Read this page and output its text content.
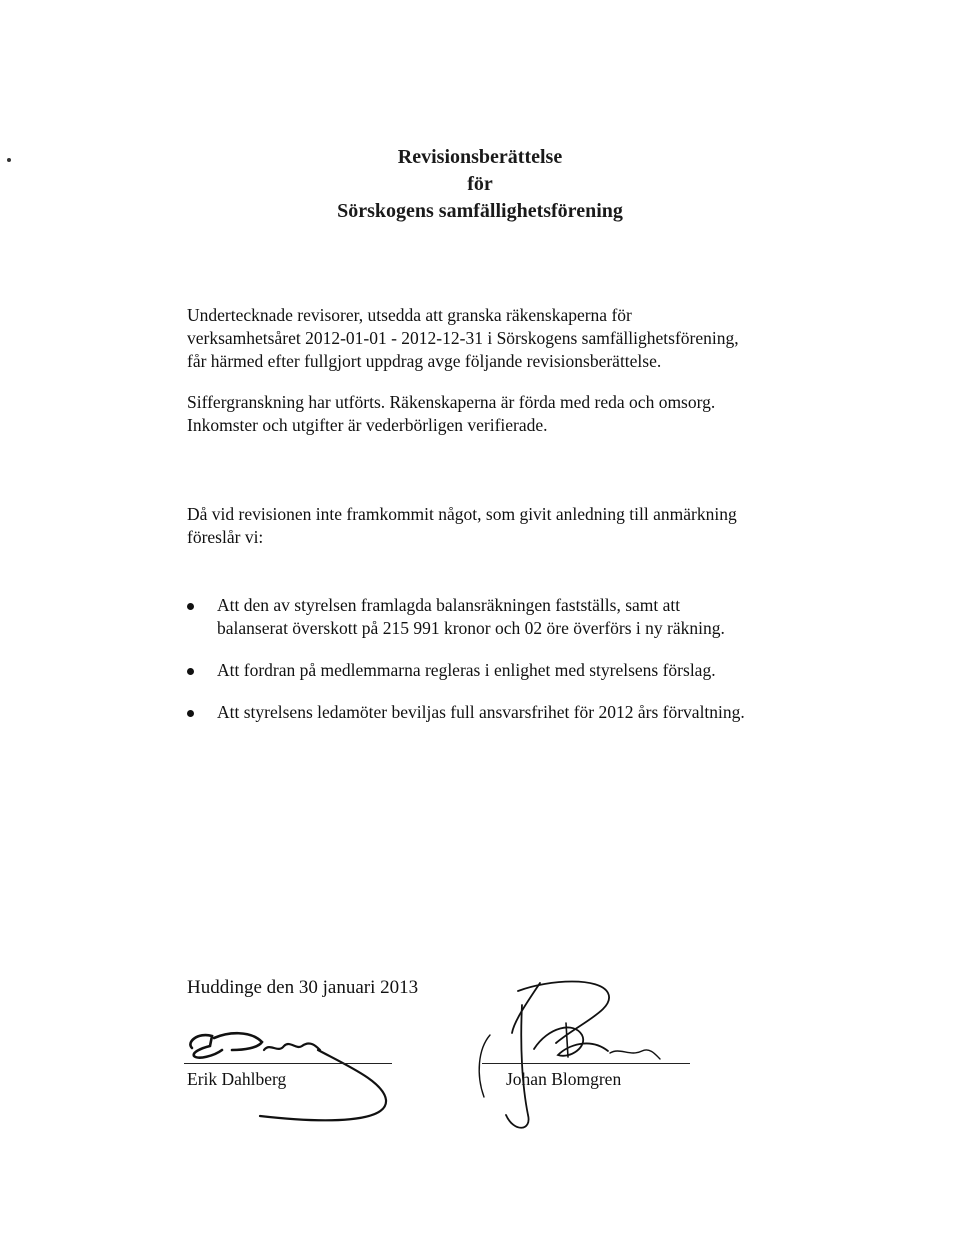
Revisionsberättelse
för
Sörskogens samfällighetsförening
Undertecknade revisorer, utsedda att granska räkenskaperna för
verksamhetsåret 2012-01-01 - 2012-12-31 i Sörskogens samfällighetsförening,
får härmed efter fullgjort uppdrag avge följande revisionsberättelse.
Siffergranskning har utförts. Räkenskaperna är förda med reda och omsorg.
Inkomster och utgifter är vederbörligen verifierade.
Då vid revisionen inte framkommit något, som givit anledning till anmärkning
föreslår vi:
Att den av styrelsen framlagda balansräkningen fastställs, samt att
balanserat överskott på 215 991 kronor och 02 öre överförs i ny räkning.
Att fordran på medlemmarna regleras i enlighet med styrelsens förslag.
Att styrelsens ledamöter beviljas full ansvarsfrihet för 2012 års förvaltning.
Huddinge den 30 januari 2013
Erik Dahlberg	Johan Blomgren
